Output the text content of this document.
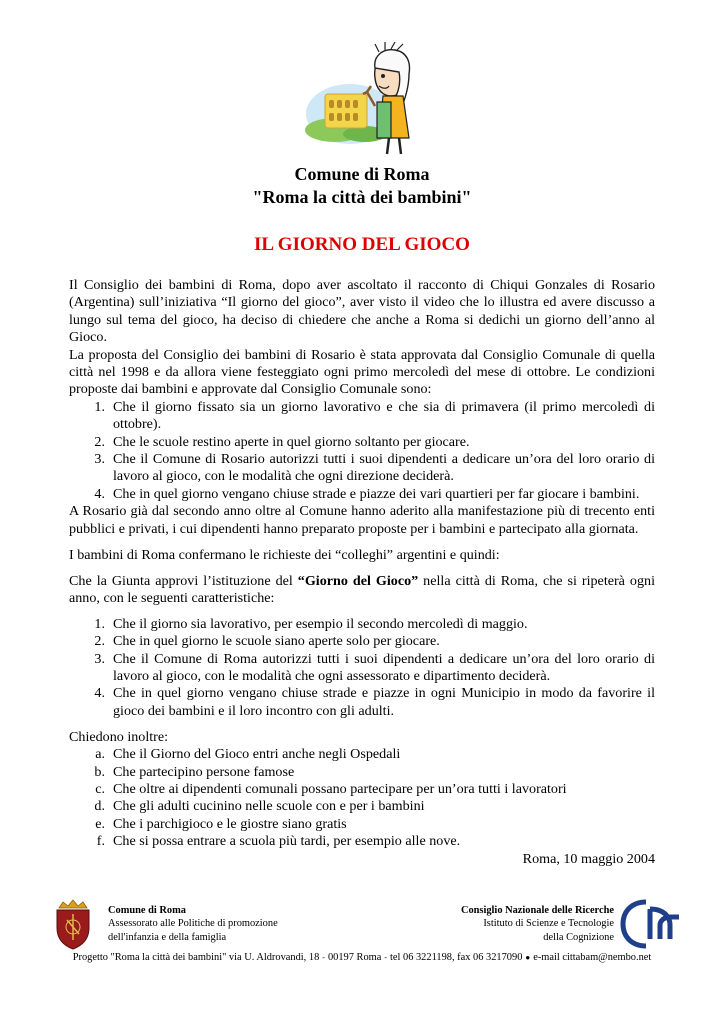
Comune di Roma
"Roma la città dei bambini"
IL GIORNO DEL GIOCO

Il Consiglio dei bambini di Roma, dopo aver ascoltato il racconto di Chiqui Gonzales di Rosario (Argentina) sull’iniziativa “Il giorno del gioco”, aver visto il video che lo illustra ed avere discusso a lungo sul tema del gioco, ha deciso di chiedere che anche a Roma si dedichi un giorno dell’anno al Gioco.

La proposta del Consiglio dei bambini di Rosario è stata approvata dal Consiglio Comunale di quella città nel 1998 e da allora viene festeggiato ogni primo mercoledì del mese di ottobre. Le condizioni proposte dai bambini e approvate dal Consiglio Comunale sono:

1. Che il giorno fissato sia un giorno lavorativo e che sia di primavera (il primo mercoledì di ottobre).
2. Che le scuole restino aperte in quel giorno soltanto per giocare.
3. Che il Comune di Rosario autorizzi tutti i suoi dipendenti a dedicare un’ora del loro orario di lavoro al gioco, con le modalità che ogni direzione deciderà.
4. Che in quel giorno vengano chiuse strade e piazze dei vari quartieri per far giocare i bambini.

A Rosario già dal secondo anno oltre al Comune hanno aderito alla manifestazione più di trecento enti pubblici e privati, i cui dipendenti hanno preparato proposte per i bambini e partecipato alla giornata.

I bambini di Roma confermano le richieste dei “colleghi” argentini e quindi:

Che la Giunta approvi l’istituzione del “Giorno del Gioco” nella città di Roma, che si ripeterà ogni anno, con le seguenti caratteristiche:

1. Che il giorno sia lavorativo, per esempio il secondo mercoledì di maggio.
2. Che in quel giorno le scuole siano aperte solo per giocare.
3. Che il Comune di Roma autorizzi tutti i suoi dipendenti a dedicare un’ora del loro orario di lavoro al gioco, con le modalità che ogni assessorato e dipartimento deciderà.
4. Che in quel giorno vengano chiuse strade e piazze in ogni Municipio in modo da favorire il gioco dei bambini e il loro incontro con gli adulti.

Chiedono inoltre:

a. Che il Giorno del Gioco entri anche negli Ospedali
b. Che partecipino persone famose
c. Che oltre ai dipendenti comunali possano partecipare per un’ora tutti i lavoratori
d. Che gli adulti cucinino nelle scuole con e per i bambini
e. Che i parchigioco e le giostre siano gratis
f. Che si possa entrare a scuola più tardi, per esempio alle nove.

Roma, 10 maggio 2004

Comune di Roma
Assessorato alle Politiche di promozione
dell'infanzia e della famiglia
Consiglio Nazionale delle Ricerche
Istituto di Scienze e Tecnologie
della Cognizione
Progetto "Roma la città dei bambini" via U. Aldrovandi, 18 - 00197 Roma - tel 06 3221198, fax 06 3217090 ● e-mail cittabam@nembo.net
